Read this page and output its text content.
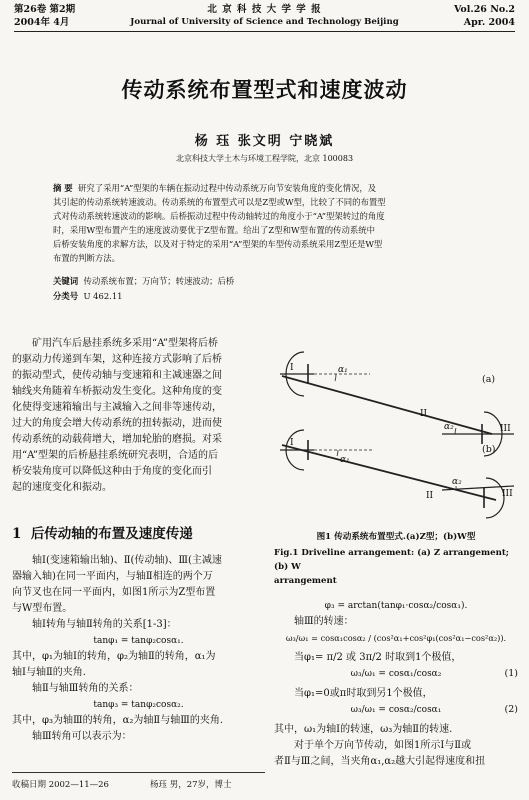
第26卷 第2期
2004年 4月
北 京 科 技 大 学 学 报
Journal of University of Science and Technology Beijing
Vol.26 No.2
Apr. 2004
传动系统布置型式和速度波动
杨 珏 张文明 宁晓斌
北京科技大学土木与环境工程学院，北京 100083
摘 要 研究了采用“A”型架的车辆在振动过程中传动系统万向节安装角度的变化情况，及
其引起的传动系统转速波动。传动系统的布置型式可以是Z型或W型，比较了不同的布置型
式对传动系统转速波动的影响。后桥振动过程中传动轴转过的角度小于“A”型架转过的角度
时，采用W型布置产生的速度波动要优于Z型布置。给出了Z型和W型布置的传动系统中
后桥安装角度的求解方法，以及对于特定的采用“A”型架的车型传动系统采用Z型还是W型
布置的判断方法。
关键词 传动系统布置；万向节；转速波动；后桥
分类号 U 462.11
矿用汽车后悬挂系统多采用“A”型架将后桥
的驱动力传递到车架，这种连接方式影响了后桥
的振动型式，使传动轴与变速箱和主减速器之间
轴线夹角随着车桥振动发生变化。这种角度的变
化使得变速箱输出与主减输入之间非等速传动，
过大的角度会增大传动系统的扭转振动，进而使
传动系统的动载荷增大，增加轮胎的磨损。对采
用“A”型架的后桥悬挂系统研究表明，合适的后
桥安装角度可以降低这种由于角度的变化而引
起的速度变化和振动。
1 后传动轴的布置及速度传递
轴Ⅰ(变速箱输出轴)、Ⅱ(传动轴)、Ⅲ(主减速
器输入轴)在同一平面内，与轴Ⅱ相连的两个万
向节叉也在同一平面内，如图1所示为Z型布置
与W型布置。
轴Ⅰ转角与轴Ⅱ转角的关系[1-3]：
tanφ₁ = tanφ₂cosα₁.
其中，φ₁为轴Ⅰ的转角，φ₂为轴Ⅱ的转角，α₁为
轴Ⅰ与轴Ⅱ的夹角.
轴Ⅱ与轴Ⅲ转角的关系：
tanφ₃ = tanφ₂cosα₂.
其中，φ₃为轴Ⅲ的转角，α₂为轴Ⅱ与轴Ⅲ的夹角.
轴Ⅲ转角可以表示为：
收稿日期 2002—11—26	杨珏 男，27岁，博士
I	α₁
II
α₂	III
(a)
I
α₁
II
α₂
III
(b)
图1 传动系统布置型式.(a)Z型；(b)W型
Fig.1 Driveline arrangement: (a) Z arrangement; (b) W
arrangement
φ₃ = arctan(tanφ₁·cosα₂/cosα₁).
轴Ⅲ的转速：
ω₃/ω₁ = cosα₁cosα₂ / (cos²α₁+cos²φ₁(cos²α₁−cos²α₂)).
当φ₁= π/2 或 3π/2 时取到1个极值，
ω₃/ω₁ = cosα₁/cosα₂	(1)
当φ₁=0或π时取到另1个极值，
ω₃/ω₁ = cosα₂/cosα₁	(2)
其中，ω₁为轴Ⅰ的转速，ω₃为轴Ⅱ的转速.
对于单个万向节传动，如图1所示Ⅰ与Ⅱ或
者Ⅱ与Ⅲ之间，当夹角α₁,α₂越大引起得速度和扭
